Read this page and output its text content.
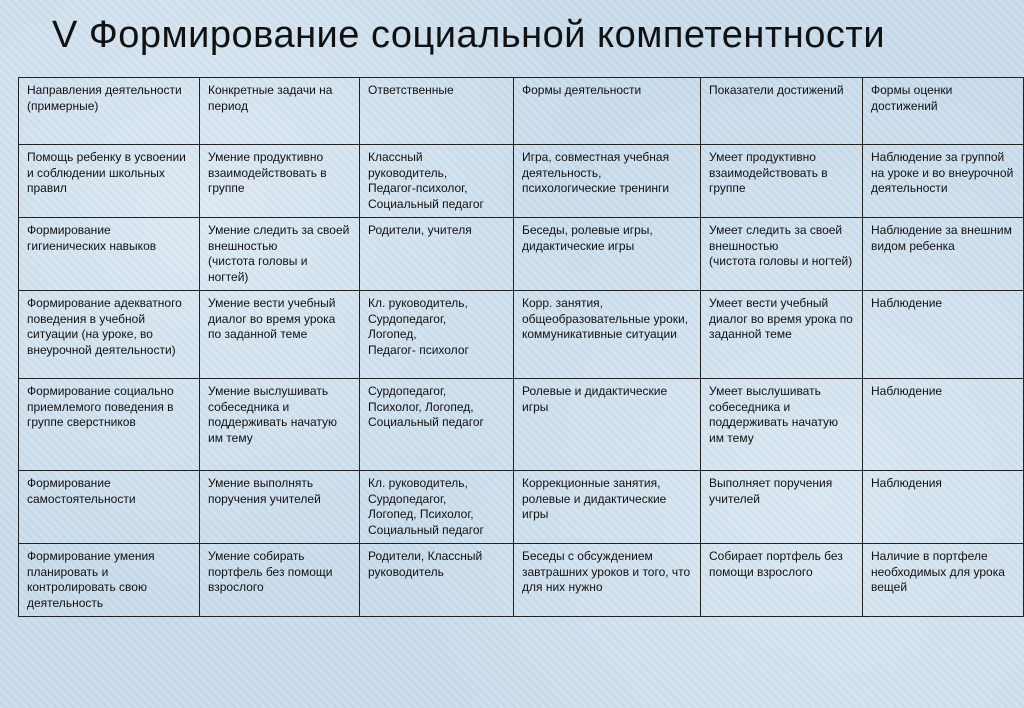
V Формирование социальной компетентности
Направления деятельности
(примерные)	Конкретные задачи на период	Ответственные	Формы деятельности	Показатели достижений	Формы оценки достижений
Помощь ребенку в усвоении и соблюдении школьных правил	Умение продуктивно взаимодействовать в группе	Классный руководитель,
Педагог-психолог,
Социальный педагог	Игра, совместная учебная деятельность, психологические тренинги	Умеет продуктивно взаимодействовать в группе	Наблюдение за группой на уроке и во внеурочной деятельности
Формирование гигиенических навыков	Умение следить за своей внешностью
(чистота головы и ногтей)	Родители, учителя	Беседы, ролевые игры, дидактические игры	Умеет следить за своей внешностью
(чистота головы и ногтей)	Наблюдение за внешним видом ребенка
Формирование адекватного поведения в учебной ситуации (на уроке, во внеурочной деятельности)	Умение вести учебный диалог во время урока по заданной теме	Кл. руководитель,
Сурдопедагог,
Логопед,
Педагог- психолог	Корр. занятия, общеобразовательные уроки, коммуникативные ситуации	Умеет вести учебный диалог во время урока по заданной теме	Наблюдение
Формирование социально приемлемого поведения в группе сверстников	Умение выслушивать собеседника и поддерживать начатую им тему	Сурдопедагог,
Психолог, Логопед,
Социальный педагог	Ролевые и дидактические игры	Умеет выслушивать собеседника и поддерживать начатую им тему	Наблюдение
Формирование самостоятельности	Умение выполнять поручения учителей	Кл. руководитель,
Сурдопедагог,
Логопед, Психолог,
Социальный педагог	Коррекционные занятия, ролевые и дидактические игры	Выполняет поручения учителей	Наблюдения
Формирование умения планировать и контролировать свою деятельность	Умение собирать портфель без помощи взрослого	Родители, Классный руководитель	Беседы с обсуждением завтрашних уроков и того, что для них нужно	Собирает портфель без помощи взрослого	Наличие в портфеле необходимых для урока вещей
